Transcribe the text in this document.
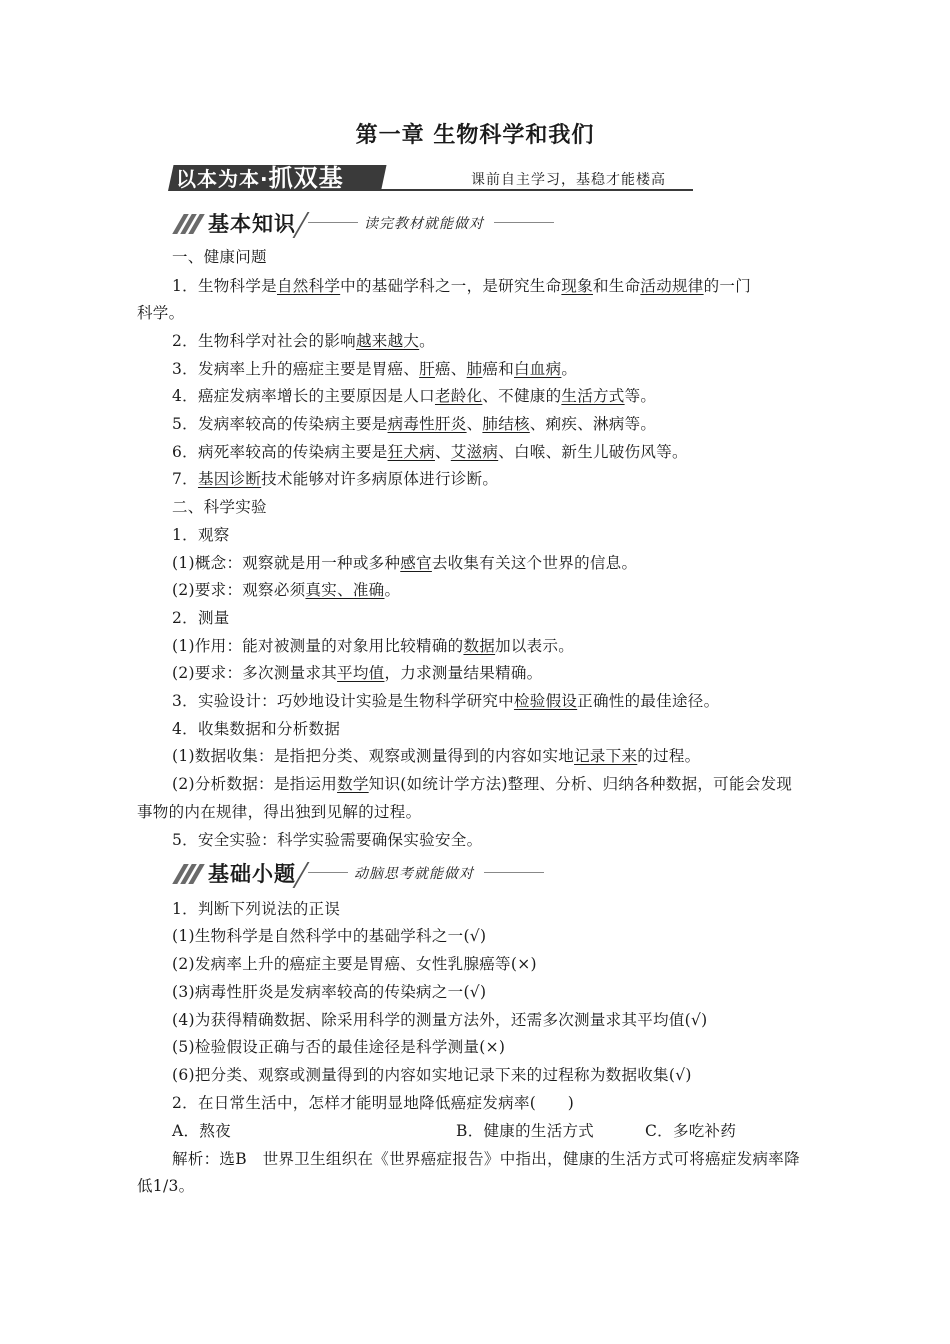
第一章 生物科学和我们
以本为本·抓双基	课前自主学习，基稳才能楼高
基本知识	读完教材就能做对
基础小题	动脑思考就能做对
一、健康问题
1．生物科学是自然科学中的基础学科之一，是研究生命现象和生命活动规律的一门
科学。
2．生物科学对社会的影响越来越大。
3．发病率上升的癌症主要是胃癌、肝癌、肺癌和白血病。
4．癌症发病率增长的主要原因是人口老龄化、不健康的生活方式等。
5．发病率较高的传染病主要是病毒性肝炎、肺结核、痢疾、淋病等。
6．病死率较高的传染病主要是狂犬病、艾滋病、白喉、新生儿破伤风等。
7．基因诊断技术能够对许多病原体进行诊断。
二、科学实验
1．观察
(1)概念：观察就是用一种或多种感官去收集有关这个世界的信息。
(2)要求：观察必须真实、准确。
2．测量
(1)作用：能对被测量的对象用比较精确的数据加以表示。
(2)要求：多次测量求其平均值，力求测量结果精确。
3．实验设计：巧妙地设计实验是生物科学研究中检验假设正确性的最佳途径。
4．收集数据和分析数据
(1)数据收集：是指把分类、观察或测量得到的内容如实地记录下来的过程。
(2)分析数据：是指运用数学知识(如统计学方法)整理、分析、归纳各种数据，可能会发现
事物的内在规律，得出独到见解的过程。
5．安全实验：科学实验需要确保实验安全。
1．判断下列说法的正误
(1)生物科学是自然科学中的基础学科之一(√)
(2)发病率上升的癌症主要是胃癌、女性乳腺癌等(×)
(3)病毒性肝炎是发病率较高的传染病之一(√)
(4)为获得精确数据、除采用科学的测量方法外，还需多次测量求其平均值(√)
(5)检验假设正确与否的最佳途径是科学测量(×)
(6)把分类、观察或测量得到的内容如实地记录下来的过程称为数据收集(√)
2．在日常生活中，怎样才能明显地降低癌症发病率(　　)
A．熬夜	B．健康的生活方式	C．多吃补药
解析：选B　世界卫生组织在《世界癌症报告》中指出，健康的生活方式可将癌症发病率降
低1/3。
